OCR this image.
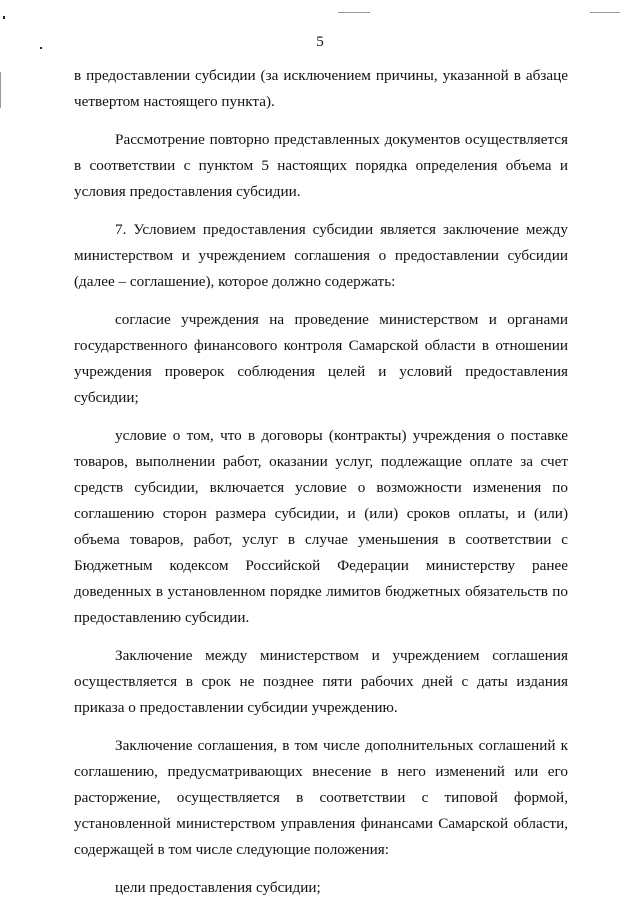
5

в предоставлении субсидии (за исключением причины, указанной в абзаце четвертом настоящего пункта).

Рассмотрение повторно представленных документов осуществляется в соответствии с пунктом 5 настоящих порядка определения объема и условия предоставления субсидии.

7. Условием предоставления субсидии является заключение между министерством и учреждением соглашения о предоставлении субсидии (далее – соглашение), которое должно содержать:

согласие учреждения на проведение министерством и органами государственного финансового контроля Самарской области в отношении учреждения проверок соблюдения целей и условий предоставления субсидии;

условие о том, что в договоры (контракты) учреждения о поставке товаров, выполнении работ, оказании услуг, подлежащие оплате за счет средств субсидии, включается условие о возможности изменения по соглашению сторон размера субсидии, и (или) сроков оплаты, и (или) объема товаров, работ, услуг в случае уменьшения в соответствии с Бюджетным кодексом Российской Федерации министерству ранее доведенных в установленном порядке лимитов бюджетных обязательств по предоставлению субсидии.

Заключение между министерством и учреждением соглашения осуществляется в срок не позднее пяти рабочих дней с даты издания приказа о предоставлении субсидии учреждению.

Заключение соглашения, в том числе дополнительных соглашений к соглашению, предусматривающих внесение в него изменений или его расторжение, осуществляется в соответствии с типовой формой, установленной министерством управления финансами Самарской области, содержащей в том числе следующие положения:

цели предоставления субсидии;
